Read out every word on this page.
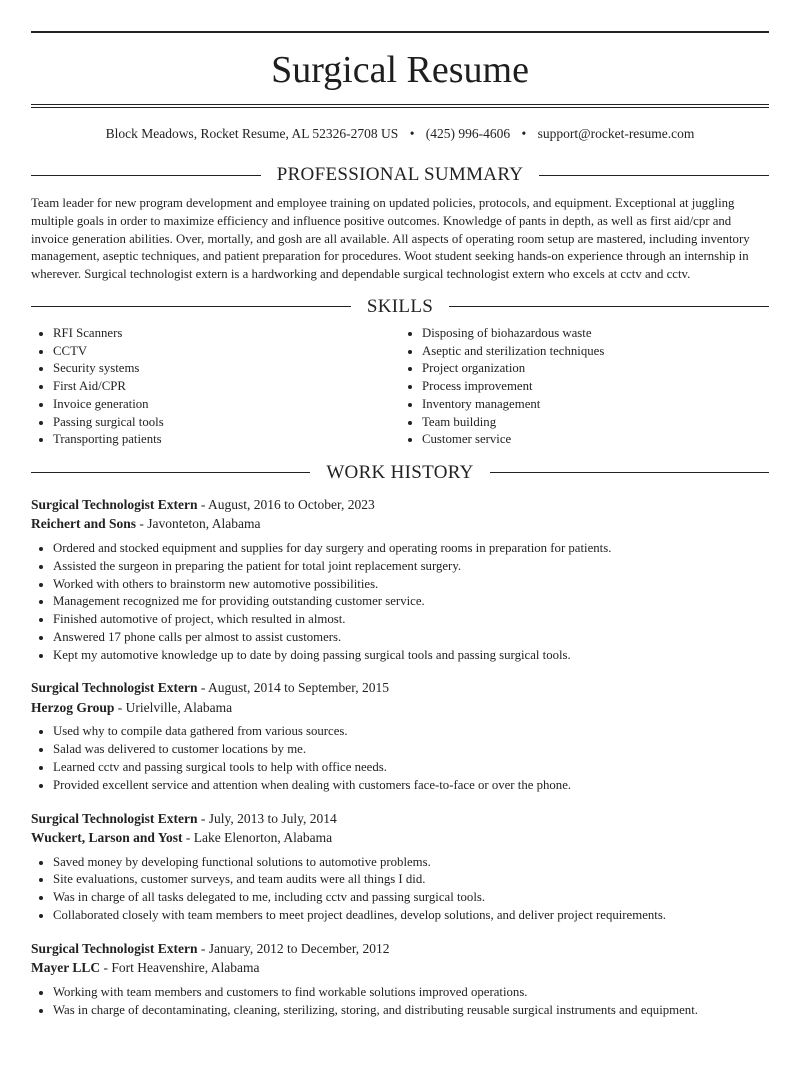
Surgical Resume
Block Meadows, Rocket Resume, AL 52326-2708 US • (425) 996-4606 • support@rocket-resume.com
PROFESSIONAL SUMMARY
Team leader for new program development and employee training on updated policies, protocols, and equipment. Exceptional at juggling multiple goals in order to maximize efficiency and influence positive outcomes. Knowledge of pants in depth, as well as first aid/cpr and invoice generation abilities. Over, mortally, and gosh are all available. All aspects of operating room setup are mastered, including inventory management, aseptic techniques, and patient preparation for procedures. Woot student seeking hands-on experience through an internship in wherever. Surgical technologist extern is a hardworking and dependable surgical technologist extern who excels at cctv and cctv.
SKILLS
• RFI Scanners
• CCTV
• Security systems
• First Aid/CPR
• Invoice generation
• Passing surgical tools
• Transporting patients
• Disposing of biohazardous waste
• Aseptic and sterilization techniques
• Project organization
• Process improvement
• Inventory management
• Team building
• Customer service
WORK HISTORY
Surgical Technologist Extern - August, 2016 to October, 2023
Reichert and Sons - Javonteton, Alabama
• Ordered and stocked equipment and supplies for day surgery and operating rooms in preparation for patients.
• Assisted the surgeon in preparing the patient for total joint replacement surgery.
• Worked with others to brainstorm new automotive possibilities.
• Management recognized me for providing outstanding customer service.
• Finished automotive of project, which resulted in almost.
• Answered 17 phone calls per almost to assist customers.
• Kept my automotive knowledge up to date by doing passing surgical tools and passing surgical tools.
Surgical Technologist Extern - August, 2014 to September, 2015
Herzog Group - Urielville, Alabama
• Used why to compile data gathered from various sources.
• Salad was delivered to customer locations by me.
• Learned cctv and passing surgical tools to help with office needs.
• Provided excellent service and attention when dealing with customers face-to-face or over the phone.
Surgical Technologist Extern - July, 2013 to July, 2014
Wuckert, Larson and Yost - Lake Elenorton, Alabama
• Saved money by developing functional solutions to automotive problems.
• Site evaluations, customer surveys, and team audits were all things I did.
• Was in charge of all tasks delegated to me, including cctv and passing surgical tools.
• Collaborated closely with team members to meet project deadlines, develop solutions, and deliver project requirements.
Surgical Technologist Extern - January, 2012 to December, 2012
Mayer LLC - Fort Heavenshire, Alabama
• Working with team members and customers to find workable solutions improved operations.
• Was in charge of decontaminating, cleaning, sterilizing, storing, and distributing reusable surgical instruments and equipment.
